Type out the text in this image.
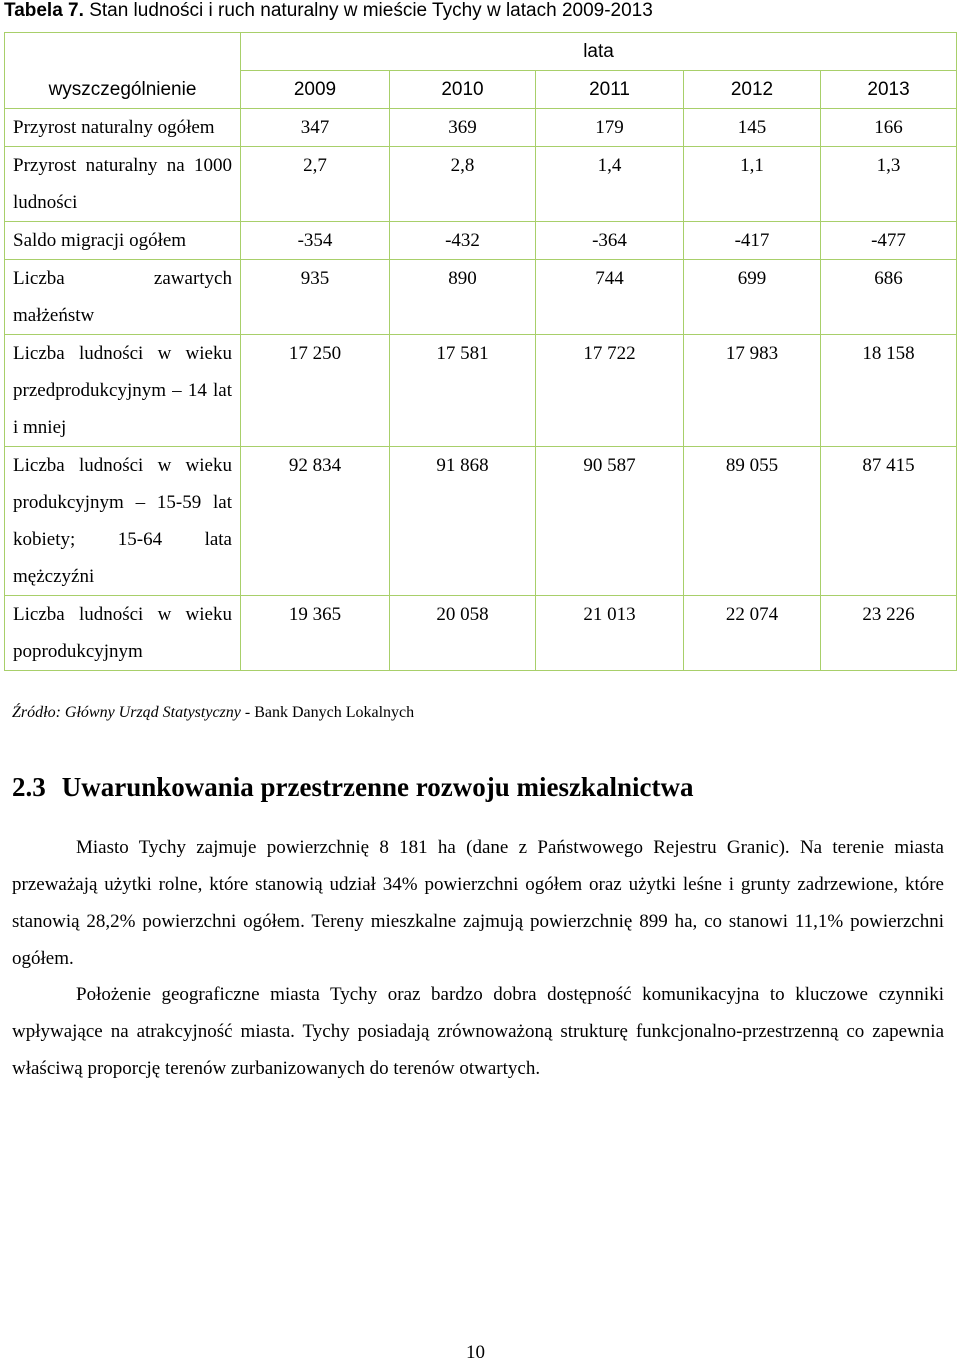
Tabela 7. Stan ludności i ruch naturalny w mieście Tychy w latach 2009-2013
	lata				
wyszczególnienie	2009	2010	2011	2012	2013
Przyrost naturalny ogółem	347	369	179	145	166
Przyrost naturalny na 1000 ludności	2,7	2,8	1,4	1,1	1,3
Saldo migracji ogółem	-354	-432	-364	-417	-477
Liczba zawartych małżeństw	935	890	744	699	686
Liczba ludności w wieku przedprodukcyjnym – 14 lat i mniej	17 250	17 581	17 722	17 983	18 158
Liczba ludności w wieku produkcyjnym – 15-59 lat kobiety; 15-64 lata mężczyźni	92 834	91 868	90 587	89 055	87 415
Liczba ludności w wieku poprodukcyjnym	19 365	20 058	21 013	22 074	23 226
Źródło: Główny Urząd Statystyczny - Bank Danych Lokalnych
2.3 Uwarunkowania przestrzenne rozwoju mieszkalnictwa

Miasto Tychy zajmuje powierzchnię 8 181 ha (dane z Państwowego Rejestru Granic). Na terenie miasta przeważają użytki rolne, które stanowią udział 34% powierzchni ogółem oraz użytki leśne i grunty zadrzewione, które stanowią 28,2% powierzchni ogółem. Tereny mieszkalne zajmują powierzchnię 899 ha, co stanowi 11,1% powierzchni ogółem.

Położenie geograficzne miasta Tychy oraz bardzo dobra dostępność komunikacyjna to kluczowe czynniki wpływające na atrakcyjność miasta. Tychy posiadają zrównoważoną strukturę funkcjonalno-przestrzenną co zapewnia właściwą proporcję terenów zurbanizowanych do terenów otwartych.

10
